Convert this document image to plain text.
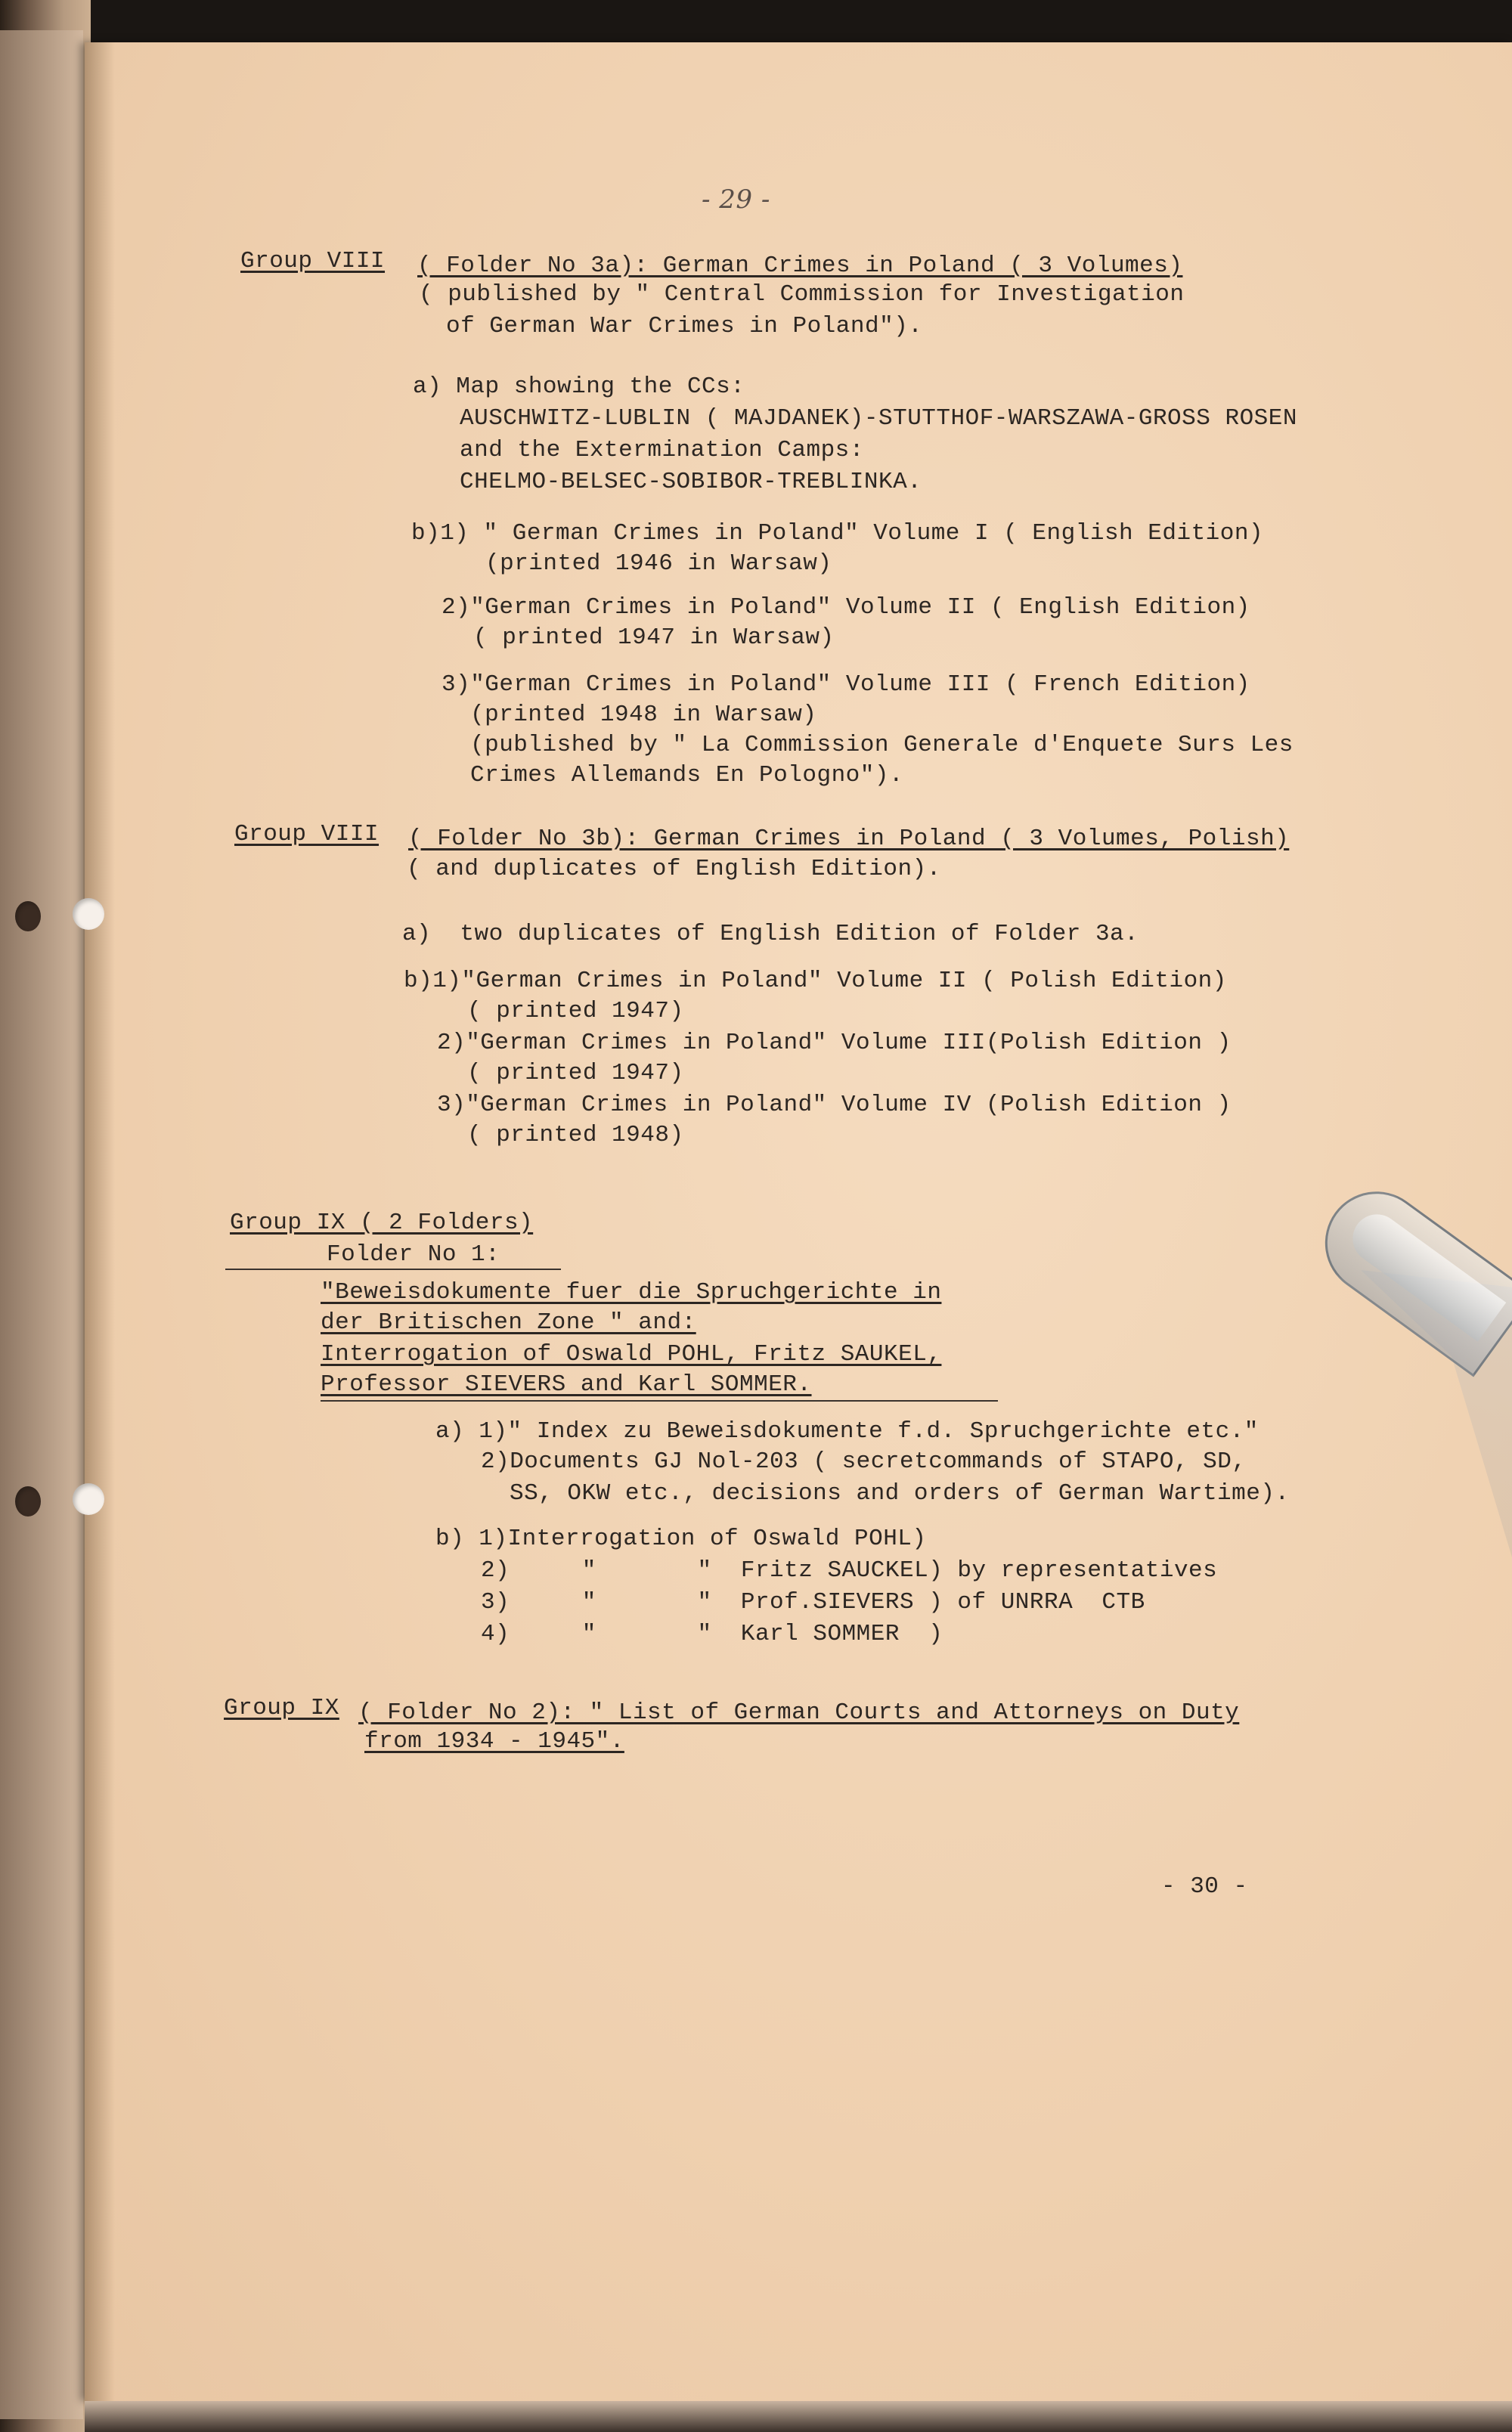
- 29 -

Group VIII ( Folder No 3a): German Crimes in Poland ( 3 Volumes)

( published by " Central Commission for Investigation

of German War Crimes in Poland").

a) Map showing the CCs:

AUSCHWITZ-LUBLIN ( MAJDANEK)-STUTTHOF-WARSZAWA-GROSS ROSEN

and the Extermination Camps:

CHELMO-BELSEC-SOBIBOR-TREBLINKA.

b)1) " German Crimes in Poland" Volume I ( English Edition)

(printed 1946 in Warsaw)

2)"German Crimes in Poland" Volume II ( English Edition)

( printed 1947 in Warsaw)

3)"German Crimes in Poland" Volume III ( French Edition)

(printed 1948 in Warsaw)

(published by " La Commission Generale d'Enquete Surs Les

Crimes Allemands En Pologno").

Group VIII ( Folder No 3b): German Crimes in Poland ( 3 Volumes, Polish)

( and duplicates of English Edition).

a)  two duplicates of English Edition of Folder 3a.

b)1)"German Crimes in Poland" Volume II ( Polish Edition)

( printed 1947)

2)"German Crimes in Poland" Volume III(Polish Edition )

( printed 1947)

3)"German Crimes in Poland" Volume IV (Polish Edition )

( printed 1948)

Group IX ( 2 Folders)

Folder No 1:

"Beweisdokumente fuer die Spruchgerichte in

der Britischen Zone " and:

Interrogation of Oswald POHL, Fritz SAUKEL,

Professor SIEVERS and Karl SOMMER.

a) 1)" Index zu Beweisdokumente f.d. Spruchgerichte etc."

2)Documents GJ Nol-203 ( secretcommands of STAPO, SD,

SS, OKW etc., decisions and orders of German Wartime).

b) 1)Interrogation of Oswald POHL)

2)     "       "  Fritz SAUCKEL) by representatives

3)     "       "  Prof.SIEVERS ) of UNRRA  CTB

4)     "       "  Karl SOMMER  )

Group IX ( Folder No 2): " List of German Courts and Attorneys on Duty

from 1934 - 1945".

- 30 -
